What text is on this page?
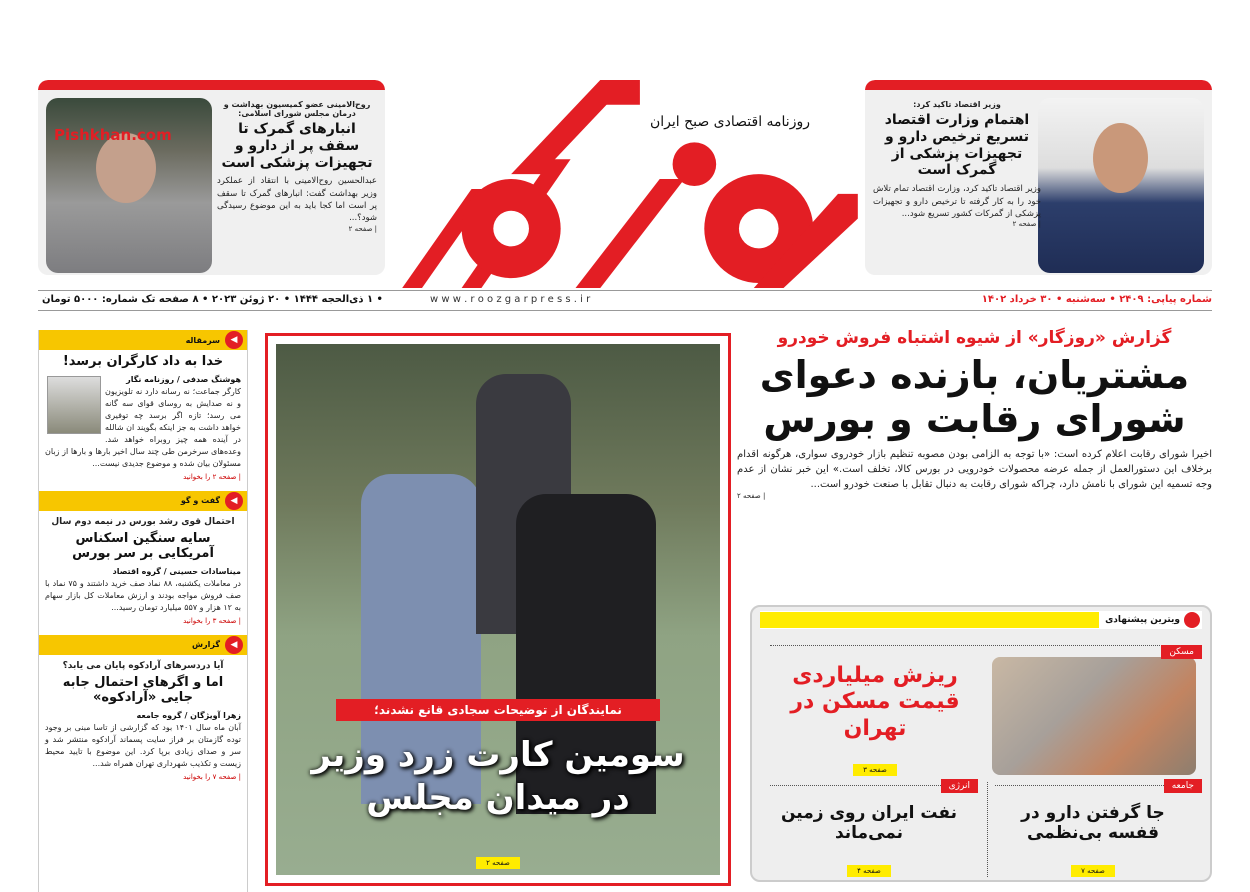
وزیر اقتصاد تاکید کرد:
اهتمام وزارت اقتصاد تسریع ترخیص دارو و تجهیزات پزشکی از گمرک است
وزیر اقتصاد تاکید کرد، وزارت اقتصاد تمام تلاش خود را به کار گرفته تا ترخیص دارو و تجهیزات پزشکی از گمرکات کشور تسریع شود...
| صفحه ۲
Pishkhan.com
روح‌الامینی عضو کمیسیون بهداشت و درمان مجلس شورای اسلامی:
انبارهای گمرک تا سقف پر از دارو و تجهیزات پزشکی است
عبدالحسین روح‌الامینی با انتقاد از عملکرد وزیر بهداشت گفت: انبارهای گمرک تا سقف پر است اما کجا باید به این موضوع رسیدگی شود؟...
| صفحه ۲
روزنامه اقتصادی صبح ایران
شماره پیاپی: ۲۴۰۹ • سه‌شنبه • ۳۰ خرداد ۱۴۰۲
w w w . r o o z g a r p r e s s . i r
• ۱ ذی‌الحجه ۱۴۴۴ • ۲۰ ژوئن ۲۰۲۳ • ۸ صفحه تک شماره: ۵۰۰۰ تومان
◀
سرمقاله
خدا به داد کارگران برسد!
هوشنگ صدفی / روزنامه نگار
کارگر جماعت؛ نه رسانه دارد نه تلویزیون و نه صدایش به روسای قوای سه گانه می رسد؛ تازه اگر برسد چه توفیری خواهد داشت به جز اینکه بگویند ان شالله در آینده همه چیز روبراه خواهد شد. وعده‌های سرخرمن طی چند سال اخیر بارها و بارها از زبان مسئولان بیان شده و موضوع جدیدی نیست...
| صفحه ۲ را بخوانید
◀
گفت و گو
احتمال قوی رشد بورس در نیمه دوم سال
سایه سنگین اسکناس آمریکایی بر سر بورس
میناسادات حسینی / گروه اقتصاد
در معاملات یکشنبه، ۸۸ نماد صف خرید داشتند و ۷۵ نماد با صف فروش مواجه بودند و ارزش معاملات کل بازار سهام به ۱۲ هزار و ۵۵۷ میلیارد تومان رسید...
| صفحه ۳ را بخوانید
◀
گزارش
آیا دردسرهای آرادکوه پایان می یابد؟
اما و اگرهای احتمال جابه جایی «آرادکوه»
زهرا آویژگان / گروه جامعه
آبان ماه سال ۱۴۰۱ بود که گزارشی از تاسا مبنی بر وجود توده گازمتان بر فراز سایت پسماند آرادکوه منتشر شد و سر و صدای زیادی برپا کرد. این موضوع با تایید محیط زیست و تکذیب شهرداری تهران همراه شد...
| صفحه ۷ را بخوانید
نمایندگان از توضیحات سجادی قانع نشدند؛
سومین کارت زرد وزیر در میدان مجلس
صفحه ۲
گزارش «روزگار» از شیوه اشتباه فروش خودرو
مشتریان، بازنده دعوای شورای رقابت و بورس
اخیرا شورای رقابت اعلام کرده است: «با توجه به الزامی بودن مصوبه تنظیم بازار خودروی سواری، هرگونه اقدام برخلاف این دستورالعمل از جمله عرضه محصولات خودرویی در بورس کالا، تخلف است.» این خبر نشان از عدم وجه تسمیه این شورای با نامش دارد، چراکه شورای رقابت به دنبال تقابل با صنعت خودرو است...
| صفحه ۲
ویترین پیشنهادی
مسکن
ریزش میلیاردی قیمت مسکن در تهران
صفحه ۳
انرژی
نفت ایران روی زمین نمی‌ماند
صفحه ۴
جامعه
جا گرفتن دارو در قفسه بی‌نظمی
صفحه ۷
